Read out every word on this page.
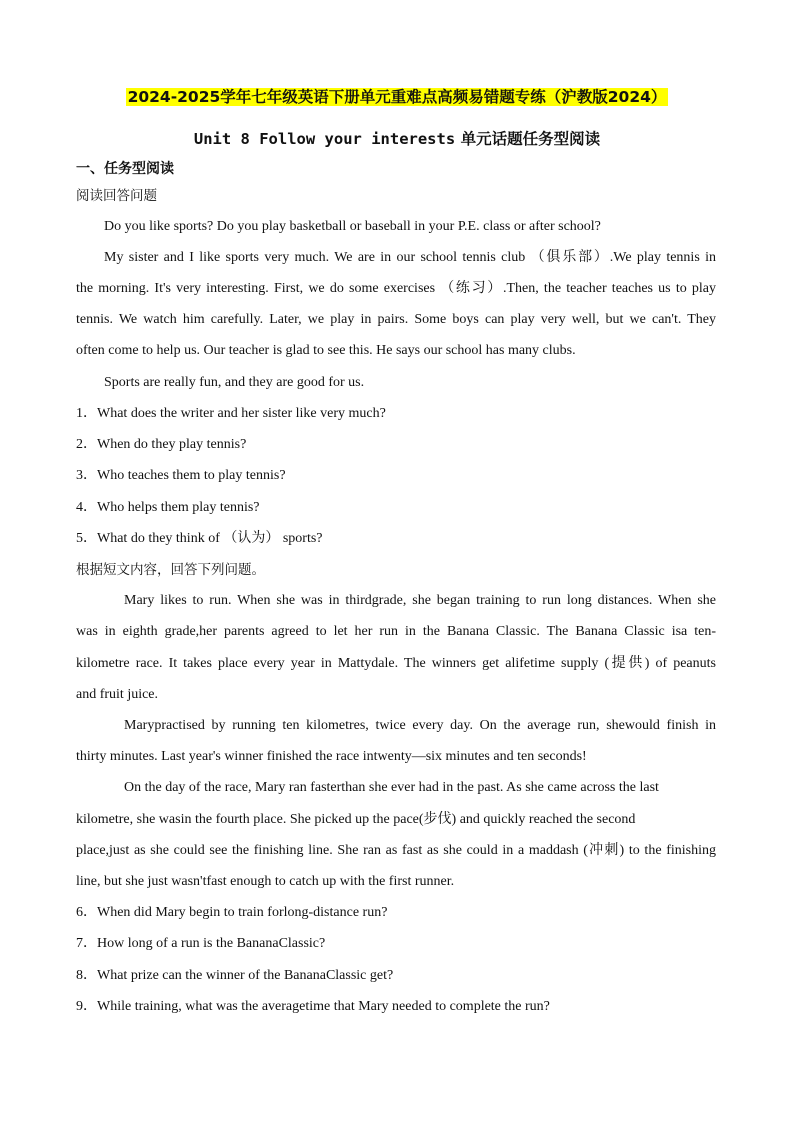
2024-2025学年七年级英语下册单元重难点高频易错题专练（沪教版2024）
Unit 8 Follow your interests 单元话题任务型阅读
一、任务型阅读
阅读回答问题
Do you like sports? Do you play basketball or baseball in your P.E. class or after school?
My sister and I like sports very much. We are in our school tennis club （俱乐部）.We play tennis in
the morning. It's very interesting. First, we do some exercises （练习）.Then, the teacher teaches us to play
tennis. We watch him carefully. Later, we play in pairs. Some boys can play very well, but we can't. They
often come to help us. Our teacher is glad to see this. He says our school has many clubs.
Sports are really fun, and they are good for us.
1．What does the writer and her sister like very much?
2．When do they play tennis?
3．Who teaches them to play tennis?
4．Who helps them play tennis?
5．What do they think of （认为） sports?
根据短文内容，回答下列问题。
Mary likes to run. When she was in thirdgrade, she began training to run long distances. When she
was in eighth grade,her parents agreed to let her run in the Banana Classic. The Banana Classic isa ten-
kilometre race. It takes place every year in Mattydale. The winners get alifetime supply (提供) of peanuts
and fruit juice.
Marypractised by running ten kilometres, twice every day. On the average run, shewould finish in
thirty minutes. Last year's winner finished the race intwenty—six minutes and ten seconds!
On the day of the race, Mary ran fasterthan she ever had in the past. As she came across the last
kilometre, she wasin the fourth place. She picked up the pace(步伐) and quickly reached the second
place,just as she could see the finishing line. She ran as fast as she could in a maddash (冲刺) to the finishing
line, but she just wasn'tfast enough to catch up with the first runner.
6．When did Mary begin to train forlong-distance run?
7．How long of a run is the BananaClassic?
8．What prize can the winner of the BananaClassic get?
9．While training, what was the averagetime that Mary needed to complete the run?
